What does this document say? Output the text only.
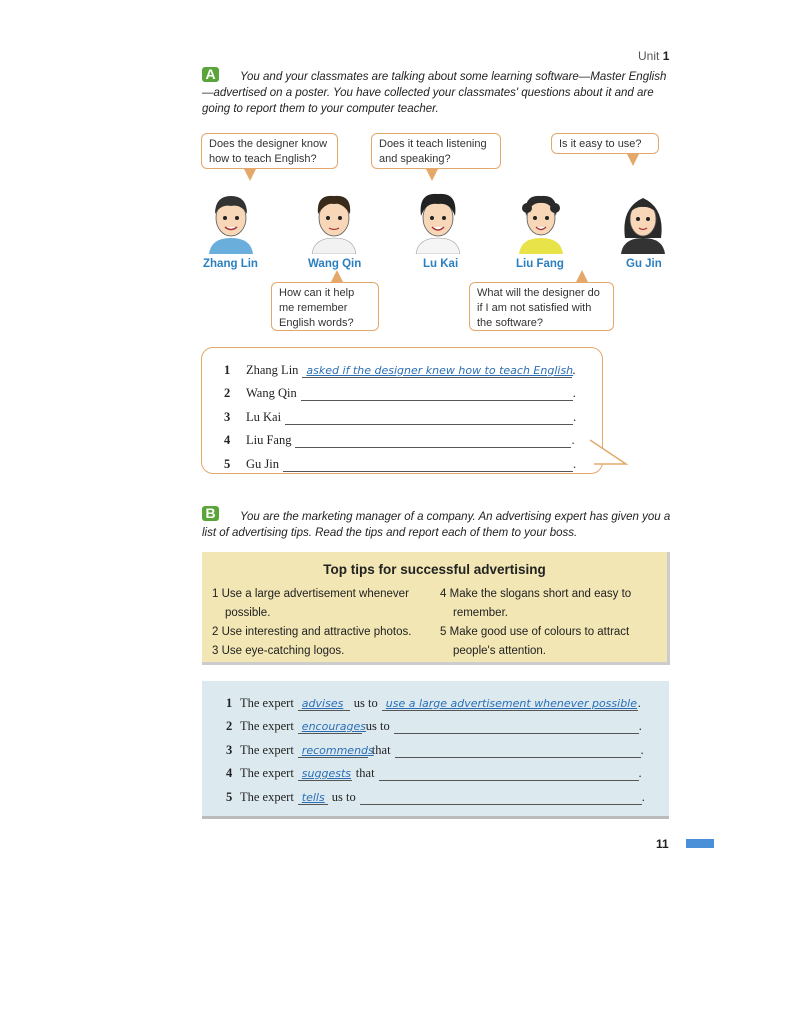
Unit 1
A	You and your classmates are talking about some learning software—Master English—advertised on a poster. You have collected your classmates' questions about it and are going to report them to your computer teacher.
Does the designer know how to teach English?
Does it teach listening and speaking?
Is it easy to use?
Zhang Lin	Wang Qin	Lu Kai	Liu Fang	Gu Jin
How can it help me remember English words?
What will the designer do if I am not satisfied with the software?
1	Zhang Lin asked if the designer knew how to teach English .
2	Wang Qin	.
3	Lu Kai	.
4	Liu Fang	.
5	Gu Jin	.
B	You are the marketing manager of a company. An advertising expert has given you a list of advertising tips. Read the tips and report each of them to your boss.
Top tips for successful advertising
1 Use a large advertisement whenever
possible.
2 Use interesting and attractive photos.
3 Use eye-catching logos.
4 Make the slogans short and easy to
remember.
5 Make good use of colours to attract
people's attention.
1 The expert advises us to use a large advertisement whenever possible .
2 The expert encourages us to	.
3 The expert recommends
that	.
4 The expert suggests that	.
5 The expert tells us to	.
11
